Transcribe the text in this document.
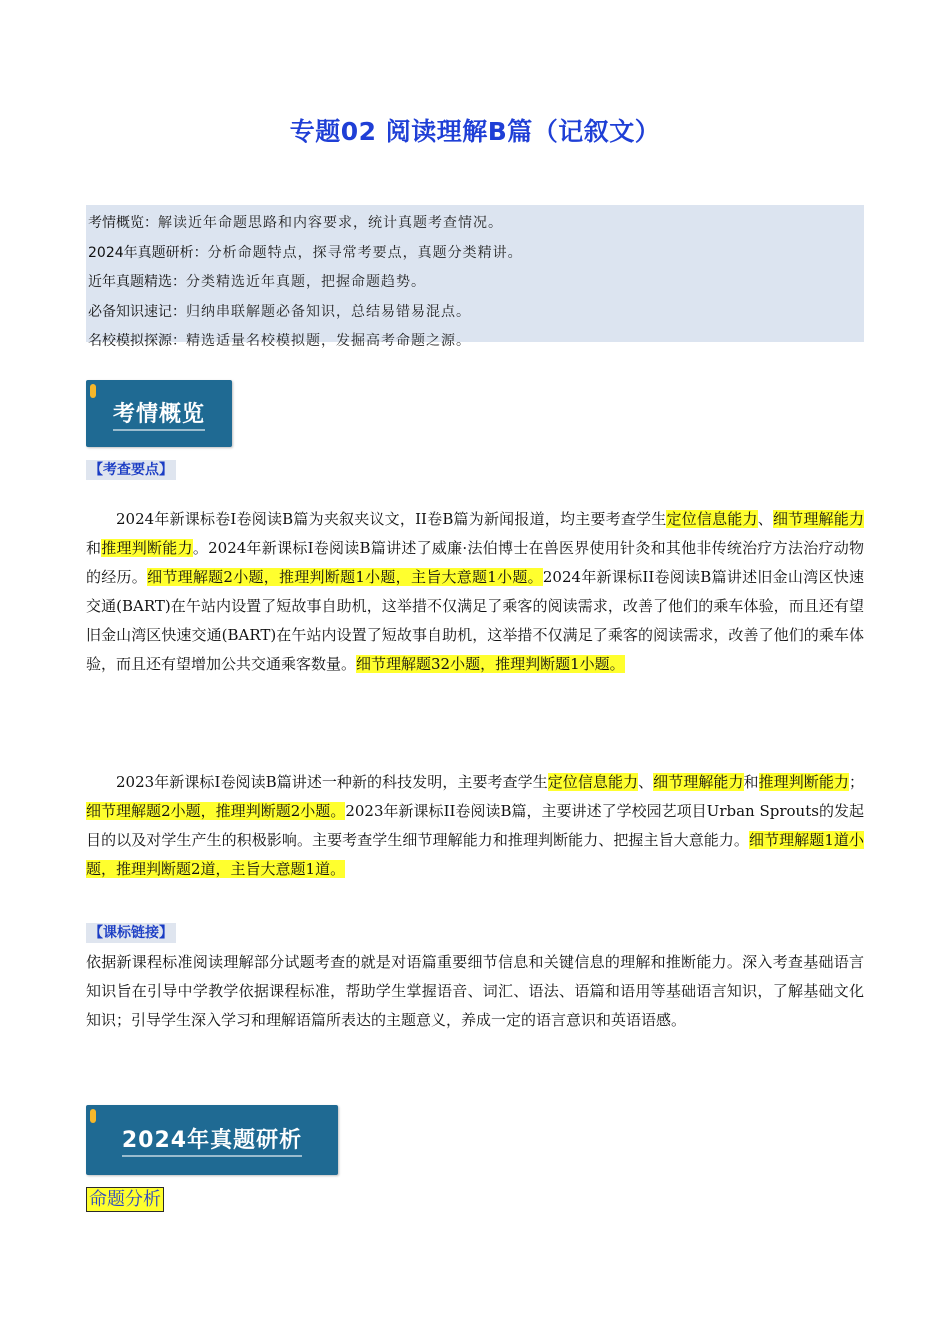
专题02 阅读理解B篇（记叙文）
考情概览：解读近年命题思路和内容要求，统计真题考查情况。
2024年真题研析：分析命题特点，探寻常考要点，真题分类精讲。
近年真题精选：分类精选近年真题，把握命题趋势。
必备知识速记：归纳串联解题必备知识，总结易错易混点。
名校模拟探源：精选适量名校模拟题，发掘高考命题之源。
考情概览
【考查要点】
2024年新课标卷I卷阅读B篇为夹叙夹议文，II卷B篇为新闻报道，均主要考查学生定位信息能力、细节理解能力和推理判断能力。2024年新课标I卷阅读B篇讲述了威廉·法伯博士在兽医界使用针灸和其他非传统治疗方法治疗动物的经历。细节理解题2小题，推理判断题1小题，主旨大意题1小题。2024年新课标II卷阅读B篇讲述旧金山湾区快速交通(BART)在午站内设置了短故事自助机，这举措不仅满足了乘客的阅读需求，改善了他们的乘车体验，而且还有望旧金山湾区快速交通(BART)在午站内设置了短故事自助机，这举措不仅满足了乘客的阅读需求，改善了他们的乘车体验，而且还有望增加公共交通乘客数量。细节理解题32小题，推理判断题1小题。
2023年新课标I卷阅读B篇讲述一种新的科技发明，主要考查学生定位信息能力、细节理解能力和推理判断能力；细节理解题2小题，推理判断题2小题。2023年新课标II卷阅读B篇，主要讲述了学校园艺项目Urban Sprouts的发起目的以及对学生产生的积极影响。主要考查学生细节理解能力和推理判断能力、把握主旨大意能力。细节理解题1道小题，推理判断题2道，主旨大意题1道。
【课标链接】
依据新课程标准阅读理解部分试题考查的就是对语篇重要细节信息和关键信息的理解和推断能力。深入考查基础语言知识旨在引导中学教学依据课程标准，帮助学生掌握语音、词汇、语法、语篇和语用等基础语言知识，了解基础文化知识；引导学生深入学习和理解语篇所表达的主题意义，养成一定的语言意识和英语语感。
2024年真题研析
命题分析
